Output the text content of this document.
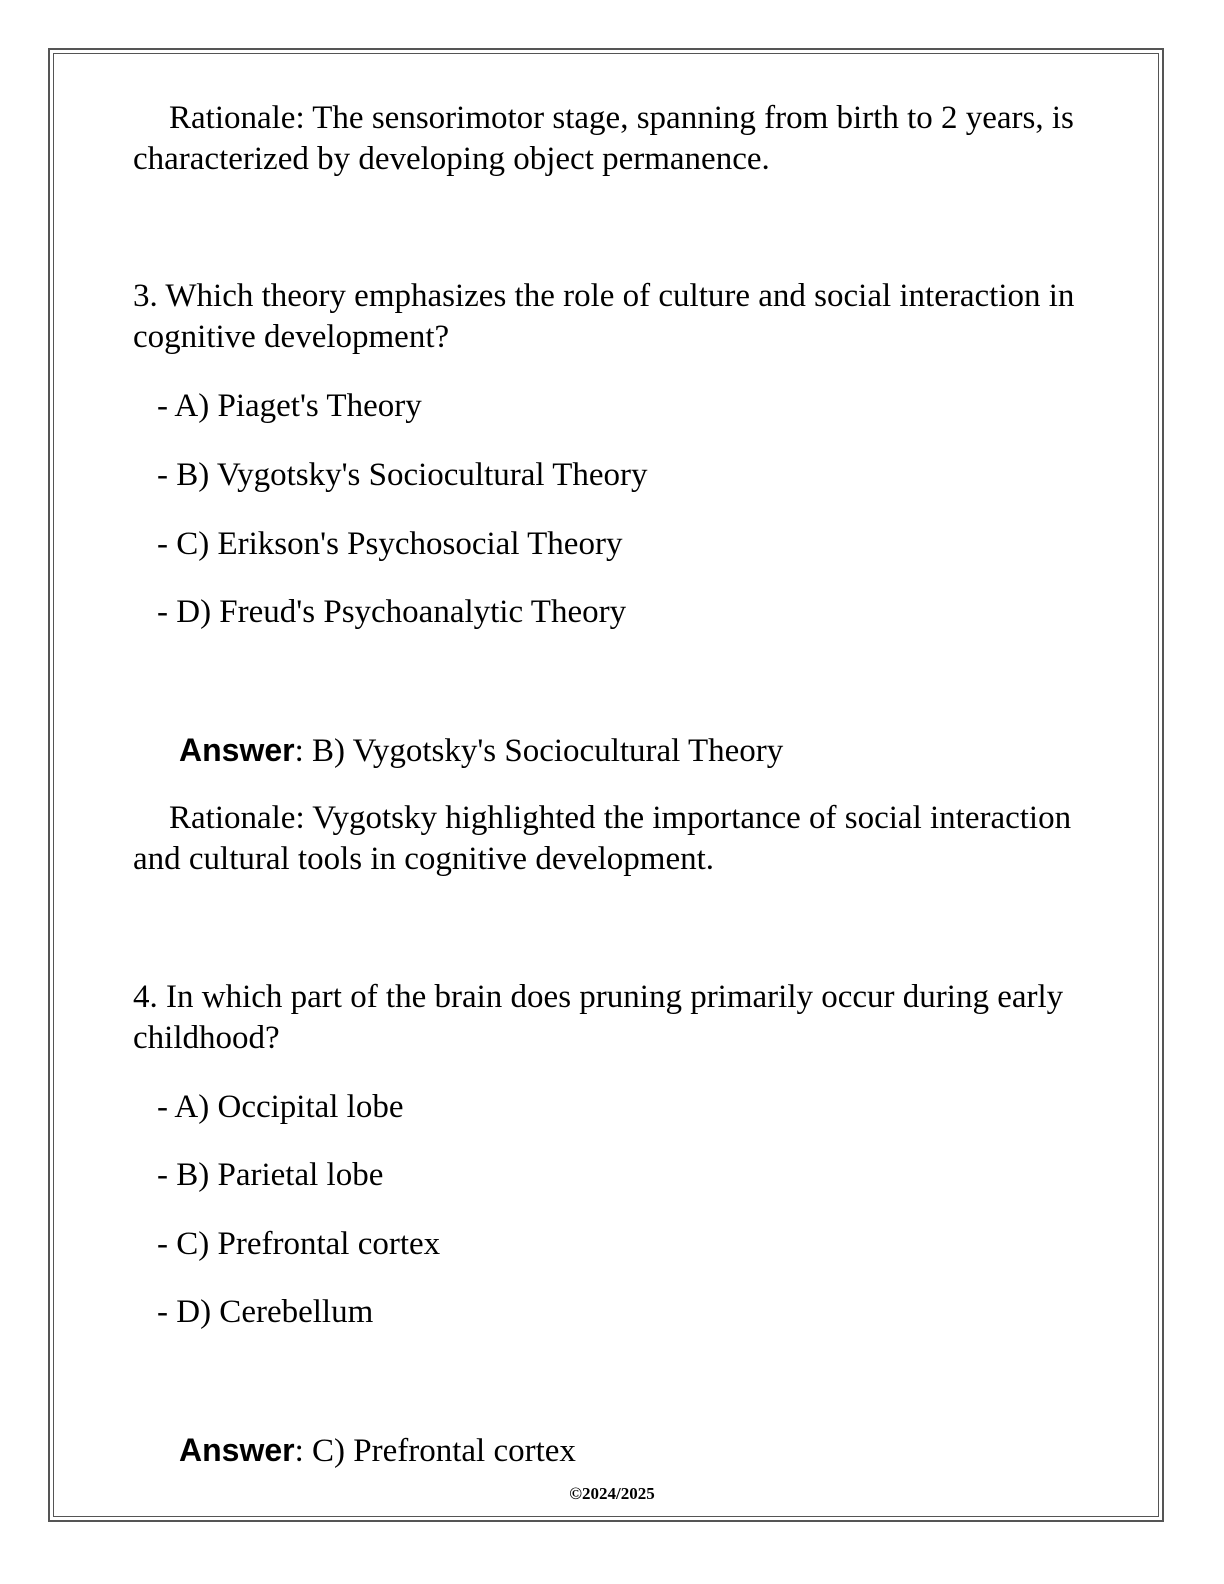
Rationale: The sensorimotor stage, spanning from birth to 2 years, is characterized by developing object permanence.

3. Which theory emphasizes the role of culture and social interaction in cognitive development?

- A) Piaget's Theory
- B) Vygotsky's Sociocultural Theory
- C) Erikson's Psychosocial Theory
- D) Freud's Psychoanalytic Theory
Answer: B) Vygotsky's Sociocultural Theory

Rationale: Vygotsky highlighted the importance of social interaction and cultural tools in cognitive development.

4. In which part of the brain does pruning primarily occur during early childhood?

- A) Occipital lobe
- B) Parietal lobe
- C) Prefrontal cortex
- D) Cerebellum
Answer: C) Prefrontal cortex
©2024/2025
